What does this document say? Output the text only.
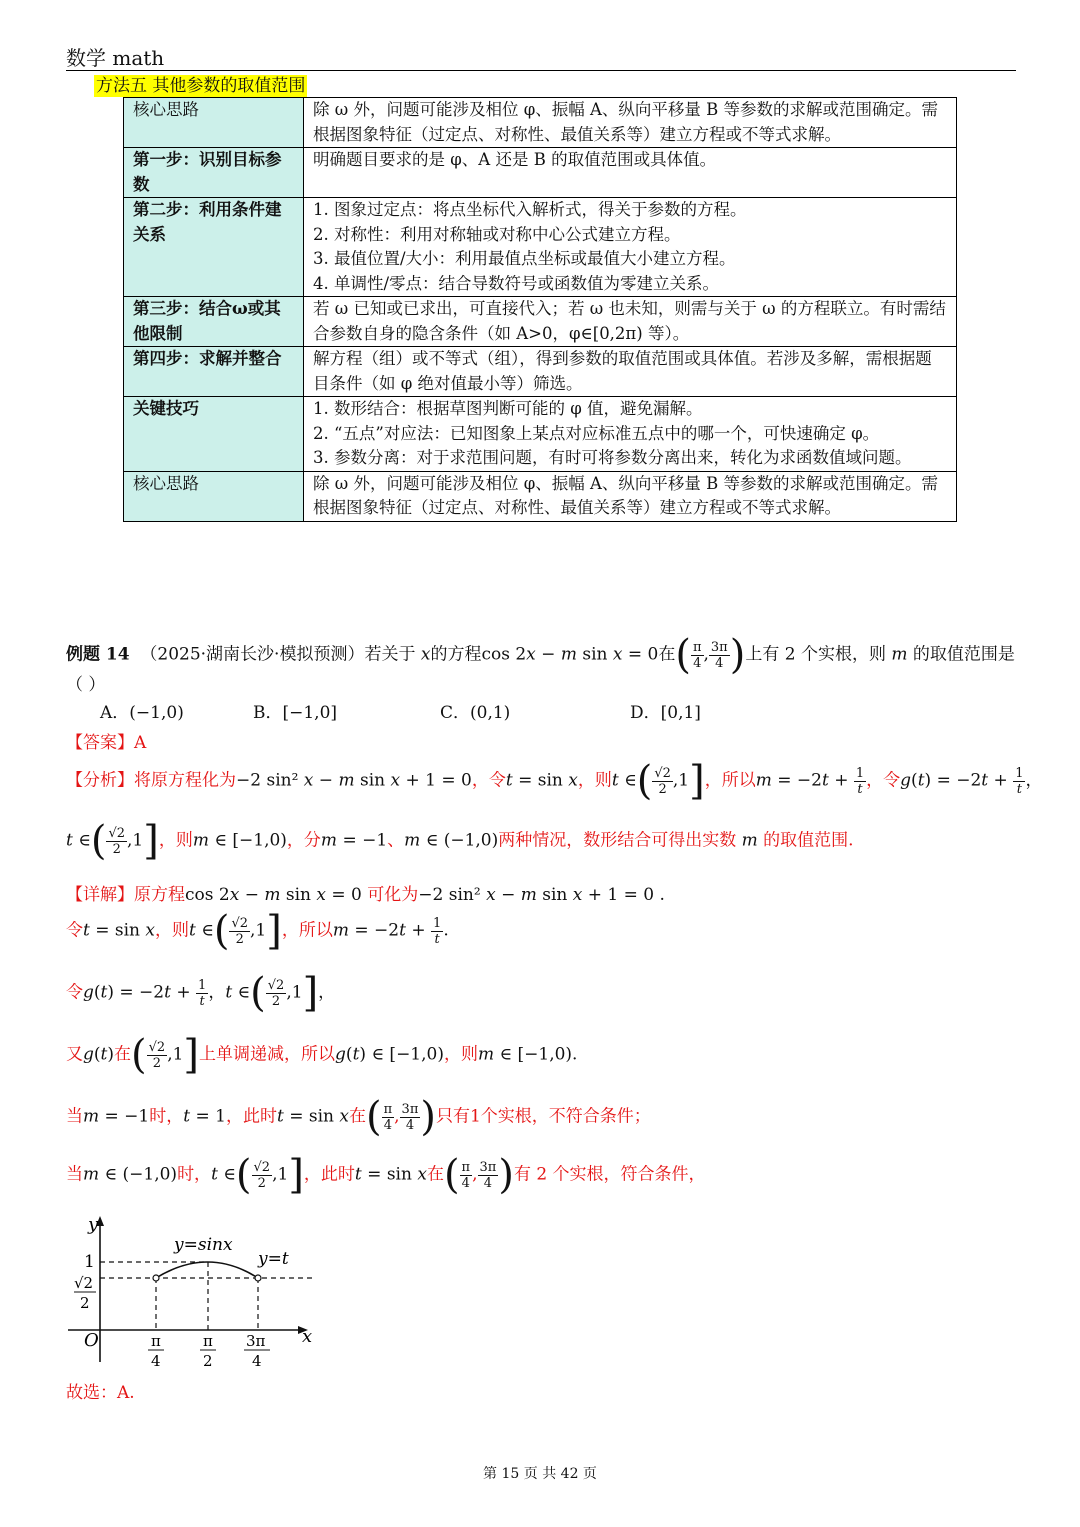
数学 math
方法五 其他参数的取值范围
核心思路	除 ω 外，问题可能涉及相位 φ、振幅 A、纵向平移量 B 等参数的求解或范围确定。需根据图象特征（过定点、对称性、最值关系等）建立方程或不等式求解。

第一步：识别目标参数	明确题目要求的是 φ、A 还是 B 的取值范围或具体值。

第二步：利用条件建关系	1. 图象过定点：将点坐标代入解析式，得关于参数的方程。
2. 对称性：利用对称轴或对称中心公式建立方程。
3. 最值位置/大小：利用最值点坐标或最值大小建立方程。
4. 单调性/零点：结合导数符号或函数值为零建立关系。

第三步：结合ω或其他限制	若 ω 已知或已求出，可直接代入；若 ω 也未知，则需与关于 ω 的方程联立。有时需结合参数自身的隐含条件（如 A>0，φ∈[0,2π) 等）。

第四步：求解并整合	解方程（组）或不等式（组），得到参数的取值范围或具体值。若涉及多解，需根据题目条件（如 φ 绝对值最小等）筛选。

关键技巧	1. 数形结合：根据草图判断可能的 φ 值，避免漏解。
2. “五点”对应法：已知图象上某点对应标准五点中的哪一个，可快速确定 φ。
3. 参数分离：对于求范围问题，有时可将参数分离出来，转化为求函数值域问题。

核心思路	除 ω 外，问题可能涉及相位 φ、振幅 A、纵向平移量 B 等参数的求解或范围确定。需根据图象特征（过定点、对称性、最值关系等）建立方程或不等式求解。
例题 14 （2025·湖南长沙·模拟预测）若关于 x的方程cos 2x − m sin x = 0在( $\frac{\pi}{4}$ , $\frac{3\pi}{4}$ )上有 2 个实根，则 m 的取值范围是
（ ）
A．(−1,0)	B．[−1,0]	C．(0,1)	D．[0,1]
【答案】A
【分析】将原方程化为−2 sin² x − m sin x + 1 = 0，令t = sin x，则t ∈( $\frac{√2}{2} ,1$]，所以$m = -2t + \frac{1}{t}$ ，令$g(t) = -2t + \frac{1}{t}$ ，
t ∈( $\frac{√2}{2} ,1$]，则m ∈ [−1,0)，分m = −1、m ∈ (−1,0)两种情况，数形结合可得出实数 m 的取值范围.
【详解】原方程cos 2x − m sin x = 0 可化为−2 sin² x − m sin x + 1 = 0 .
令t = sin x，则t ∈( $\frac{√2}{2} ,1$]，所以$m = -2t + \frac{1}{t}$ .
令$g(t) = -2t + \frac{1}{t}$ ，t ∈( $\frac{√2}{2} ,1$]，
又g(t)在( $\frac{√2}{2} ,1$]上单调递减，所以g(t) ∈ [−1,0)，则m ∈ [−1,0).
当m = −1时，t = 1，此时t = sin x在( $\frac{\pi}{4}$ , $\frac{3\pi}{4}$ )只有1个实根，不符合条件；
当m ∈ (−1,0)时，t ∈( $\frac{√2}{2} ,1$]，此时t = sin x在( $\frac{\pi}{4}$ , $\frac{3\pi}{4}$ )有 2 个实根，符合条件，
y
x
O
y=sinx
y=t
1
√2
2
π
4
π
2
3π
4
故选：A.
第 15 页 共 42 页
